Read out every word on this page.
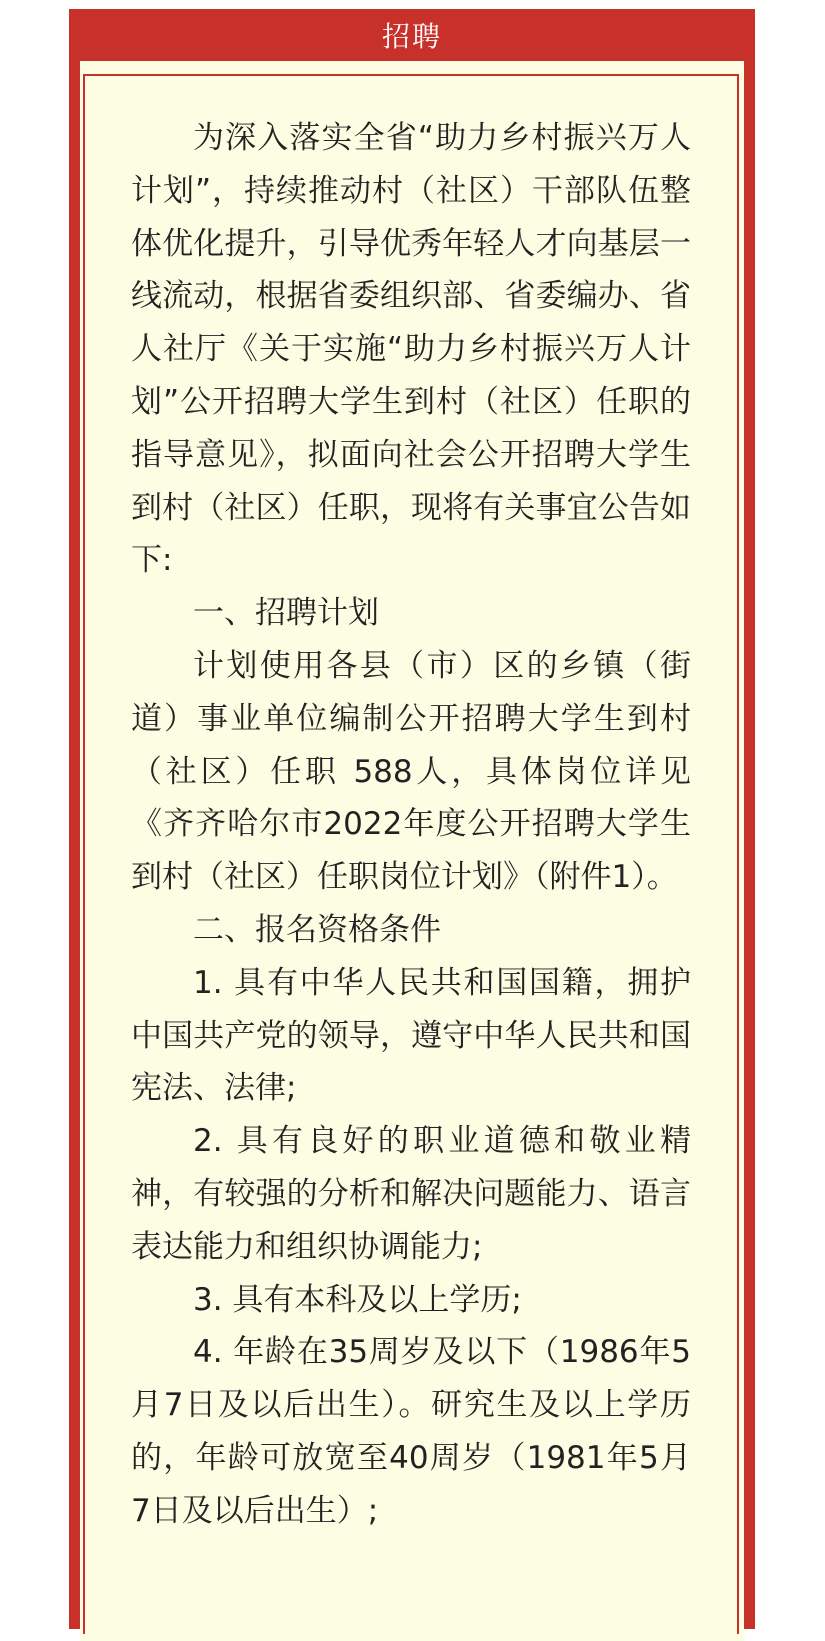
招聘

为深入落实全省“助力乡村振兴万人计划”，持续推动村（社区）干部队伍整体优化提升，引导优秀年轻人才向基层一线流动，根据省委组织部、省委编办、省人社厅《关于实施“助力乡村振兴万人计划”公开招聘大学生到村（社区）任职的指导意见》，拟面向社会公开招聘大学生到村（社区）任职，现将有关事宜公告如下:

一、招聘计划

计划使用各县（市）区的乡镇（街道）事业单位编制公开招聘大学生到村（社区）任职 588人，具体岗位详见《齐齐哈尔市2022年度公开招聘大学生到村（社区）任职岗位计划》（附件1）。

二、报名资格条件

1. 具有中华人民共和国国籍，拥护中国共产党的领导，遵守中华人民共和国宪法、法律;

2. 具有良好的职业道德和敬业精神，有较强的分析和解决问题能力、语言表达能力和组织协调能力;

3. 具有本科及以上学历;

4. 年龄在35周岁及以下（1986年5月7日及以后出生）。研究生及以上学历的，年龄可放宽至40周岁（1981年5月7日及以后出生）;
